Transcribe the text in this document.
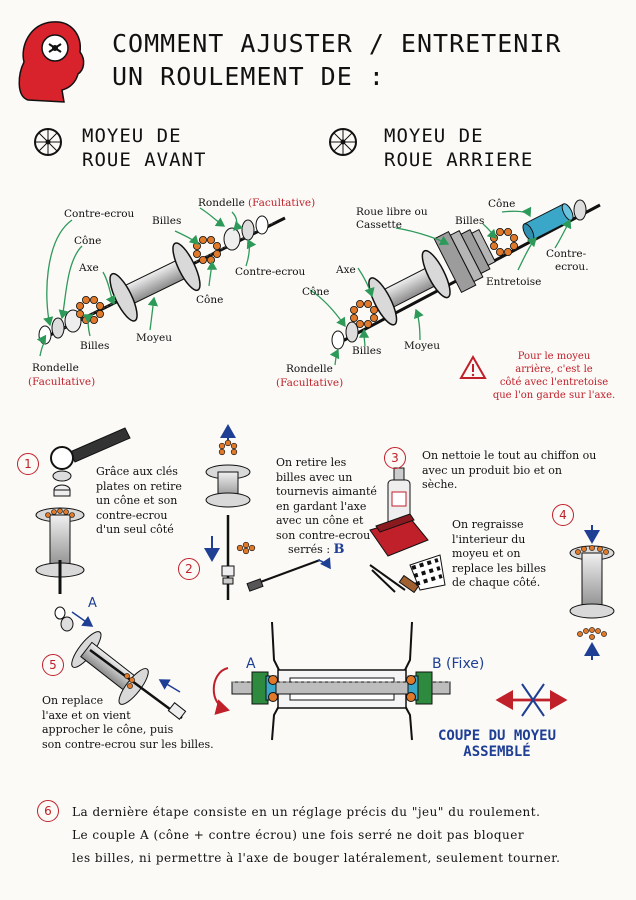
COMMENT AJUSTER / ENTRETENIR
UN ROULEMENT DE :
MOYEU DE
ROUE AVANT
MOYEU DE
ROUE ARRIERE
Contre-ecrou
Cône
Axe
Billes
Rondelle (Facultative)
Contre-ecrou
Cône
Moyeu
Billes
Rondelle
(Facultative)
Roue libre ou
Cassette	Billes
Cône
Contre-
ecrou.
Entretoise
Axe
Cône
Billes Moyeu
Rondelle
(Facultative)
Pour le moyeu
arrière, c'est le
côté avec l'entretoise
que l'on garde sur l'axe.
1
2
3
4
5
6
Grâce aux clés
plates on retire
un cône et son
contre-ecrou
d'un seul côté
On retire les
billes avec un
tournevis aimanté
en gardant l'axe
avec un cône et
son contre-ecrou
serrés : B
On nettoie le tout au chiffon ou
avec un produit bio et on
sèche.
On regraisse
l'interieur du
moyeu et on
replace les billes
de chaque côté.
A
On replace
l'axe et on vient
approcher le cône, puis
son contre-ecrou sur les billes.
A	B (Fixe)
COUPE DU MOYEU
ASSEMBLÉ
La dernière étape consiste en un réglage précis du "jeu" du roulement.
Le couple A (cône + contre écrou) une fois serré ne doit pas bloquer
les billes, ni permettre à l'axe de bouger latéralement, seulement tourner.
